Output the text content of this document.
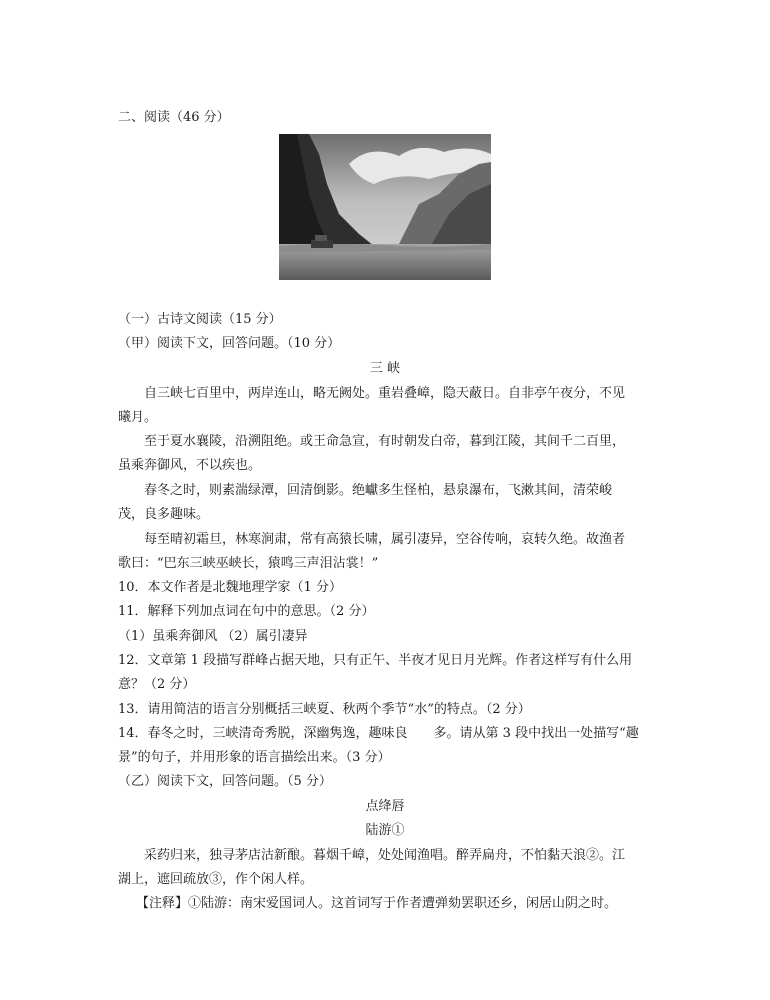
二、阅读（46 分）
（一）古诗文阅读（15 分）
（甲）阅读下文，回答问题。（10 分）
三 峡
自三峡七百里中，两岸连山，略无阙处。重岩叠嶂，隐天蔽日。自非亭午夜分，不见
曦月。
至于夏水襄陵，沿溯阻绝。或王命急宣，有时朝发白帝，暮到江陵，其间千二百里，
虽乘奔御风，不以疾也。
春冬之时，则素湍绿潭，回清倒影。绝巘多生怪柏，悬泉瀑布，飞漱其间，清荣峻
茂，良多趣味。
每至晴初霜旦，林寒涧肃，常有高猿长啸，属引凄异，空谷传响，哀转久绝。故渔者
歌曰：“巴东三峡巫峡长，猿鸣三声泪沾裳！”
10．本文作者是北魏地理学家（1 分）
11．解释下列加点词在句中的意思。（2 分）
（1）虽乘奔御风 （2）属引凄异
12．文章第 1 段描写群峰占据天地，只有正午、半夜才见日月光辉。作者这样写有什么用
意？（2 分）
13．请用简洁的语言分别概括三峡夏、秋两个季节“水”的特点。（2 分）
14．春冬之时，三峡清奇秀脱，深幽隽逸，趣味良　　多。请从第 3 段中找出一处描写“趣
景”的句子，并用形象的语言描绘出来。（3 分）
（乙）阅读下文，回答问题。（5 分）
点绛唇
陆游①
采药归来，独寻茅店沽新酿。暮烟千嶂，处处闻渔唱。醉弄扁舟，不怕黏天浪②。江
湖上，遮回疏放③，作个闲人样。
【注释】①陆游：南宋爱国词人。这首词写于作者遭弹劾罢职还乡，闲居山阴之时。
